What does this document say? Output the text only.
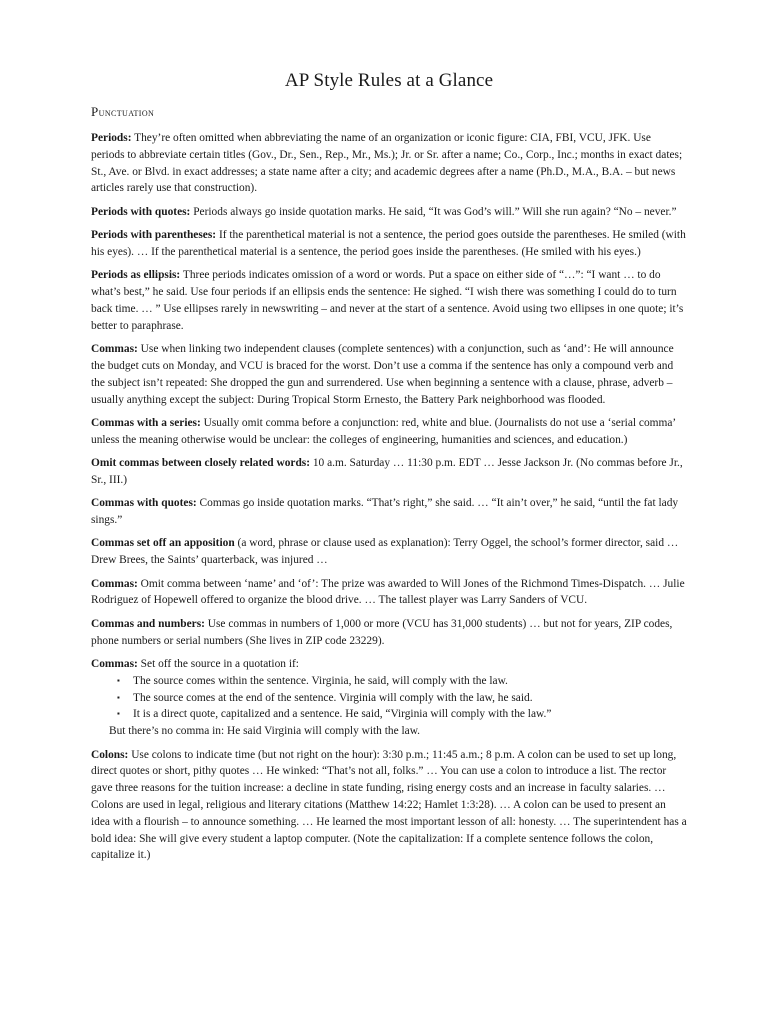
AP Style Rules at a Glance
Punctuation

Periods: They’re often omitted when abbreviating the name of an organization or iconic figure: CIA, FBI, VCU, JFK. Use periods to abbreviate certain titles (Gov., Dr., Sen., Rep., Mr., Ms.); Jr. or Sr. after a name; Co., Corp., Inc.; months in exact dates; St., Ave. or Blvd. in exact addresses; a state name after a city; and academic degrees after a name (Ph.D., M.A., B.A. – but news articles rarely use that construction).

Periods with quotes: Periods always go inside quotation marks. He said, “It was God’s will.” Will she run again? “No – never.”

Periods with parentheses: If the parenthetical material is not a sentence, the period goes outside the parentheses. He smiled (with his eyes). … If the parenthetical material is a sentence, the period goes inside the parentheses. (He smiled with his eyes.)

Periods as ellipsis: Three periods indicates omission of a word or words. Put a space on either side of “…”: “I want … to do what’s best,” he said. Use four periods if an ellipsis ends the sentence: He sighed. “I wish there was something I could do to turn back time. … ” Use ellipses rarely in newswriting – and never at the start of a sentence. Avoid using two ellipses in one quote; it’s better to paraphrase.

Commas: Use when linking two independent clauses (complete sentences) with a conjunction, such as ‘and’: He will announce the budget cuts on Monday, and VCU is braced for the worst. Don’t use a comma if the sentence has only a compound verb and the subject isn’t repeated: She dropped the gun and surrendered. Use when beginning a sentence with a clause, phrase, adverb – usually anything except the subject: During Tropical Storm Ernesto, the Battery Park neighborhood was flooded.

Commas with a series: Usually omit comma before a conjunction: red, white and blue. (Journalists do not use a ‘serial comma’ unless the meaning otherwise would be unclear: the colleges of engineering, humanities and sciences, and education.)

Omit commas between closely related words: 10 a.m. Saturday … 11:30 p.m. EDT … Jesse Jackson Jr. (No commas before Jr., Sr., III.)

Commas with quotes: Commas go inside quotation marks. “That’s right,” she said. … “It ain’t over,” he said, “until the fat lady sings.”

Commas set off an apposition (a word, phrase or clause used as explanation): Terry Oggel, the school’s former director, said … Drew Brees, the Saints’ quarterback, was injured …

Commas: Omit comma between ‘name’ and ‘of’: The prize was awarded to Will Jones of the Richmond Times-Dispatch. … Julie Rodriguez of Hopewell offered to organize the blood drive. … The tallest player was Larry Sanders of VCU.

Commas and numbers: Use commas in numbers of 1,000 or more (VCU has 31,000 students) … but not for years, ZIP codes, phone numbers or serial numbers (She lives in ZIP code 23229).

Commas: Set off the source in a quotation if:

▪ The source comes within the sentence. Virginia, he said, will comply with the law.
▪ The source comes at the end of the sentence. Virginia will comply with the law, he said.
▪ It is a direct quote, capitalized and a sentence. He said, “Virginia will comply with the law.”

But there’s no comma in: He said Virginia will comply with the law.

Colons: Use colons to indicate time (but not right on the hour): 3:30 p.m.; 11:45 a.m.; 8 p.m. A colon can be used to set up long, direct quotes or short, pithy quotes … He winked: “That’s not all, folks.” … You can use a colon to introduce a list. The rector gave three reasons for the tuition increase: a decline in state funding, rising energy costs and an increase in faculty salaries. … Colons are used in legal, religious and literary citations (Matthew 14:22; Hamlet 1:3:28). … A colon can be used to present an idea with a flourish – to announce something. … He learned the most important lesson of all: honesty. … The superintendent has a bold idea: She will give every student a laptop computer. (Note the capitalization: If a complete sentence follows the colon, capitalize it.)
